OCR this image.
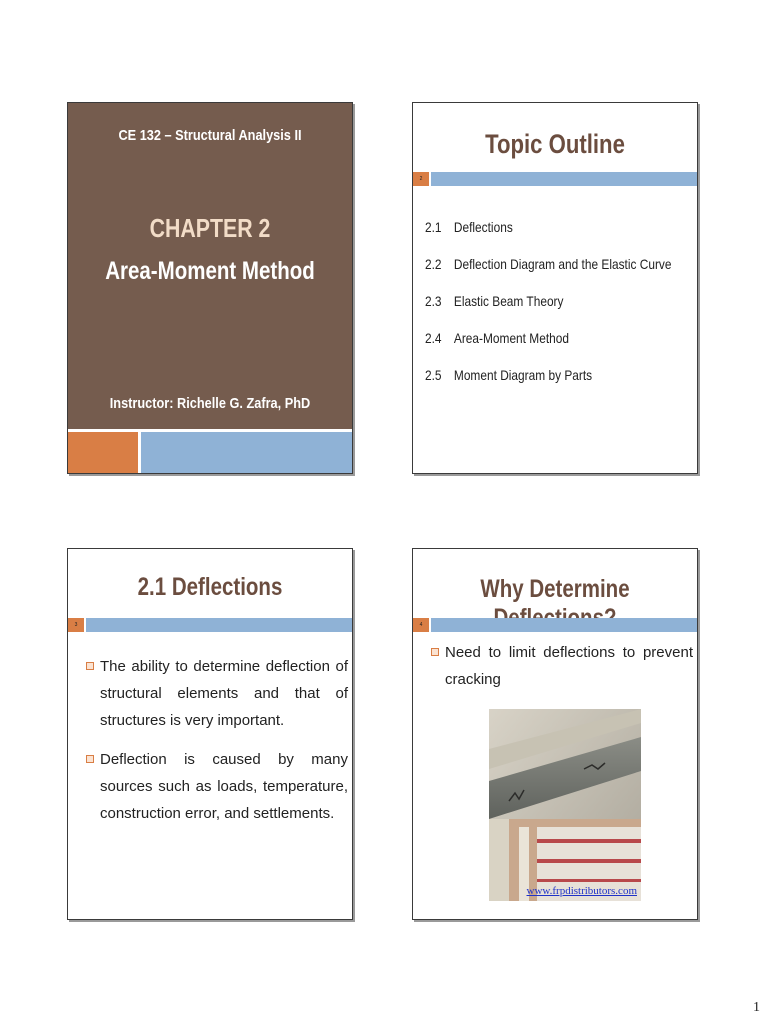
CE 132 – Structural Analysis II
CHAPTER 2
Area-Moment Method
Instructor: Richelle G. Zafra, PhD
Topic Outline
2
2.1 Deflections
2.2 Deflection Diagram and the Elastic Curve
2.3 Elastic Beam Theory
2.4 Area-Moment Method
2.5 Moment Diagram by Parts
2.1 Deflections
3
The ability to determine deflection of structural elements and that of structures is very important.
Deflection is caused by many sources such as loads, temperature, construction error, and settlements.
Why Determine
4
Need to limit deflections to prevent cracking
www.frpdistributors.com
1
